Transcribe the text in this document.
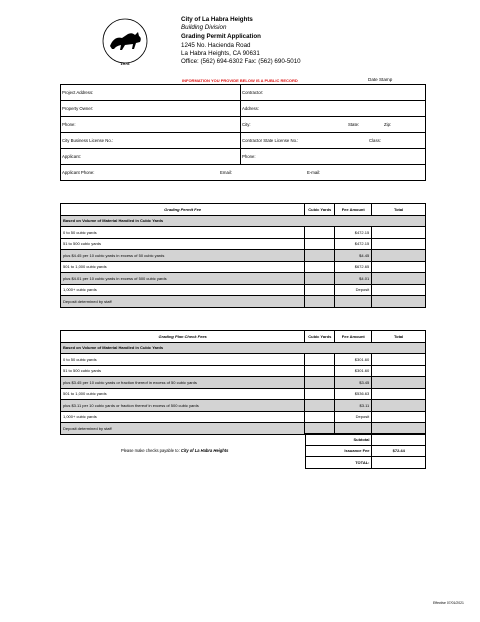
1978
City of La Habra Heights
Building Division
Grading Permit Application
1245 No. Hacienda Road
La Habra Heights, CA 90631
Office: (562) 694-6302 Fax: (562) 690-5010
INFORMATION YOU PROVIDE BELOW IS A PUBLIC RECORD	Date Stamp
Project Address:	Contractor:
Property Owner:	Address:
Phone:	City:	State:	Zip:
City Business License No.:	Contractor State License No.:	Class:
Applicant:	Phone:
Applicant Phone:	Email:	E-mail:
Grading Permit Fee	Cubic Yards	Fee Amount	Total
Based on Volume of Material Handled in Cubic Yards			
0 to 50 cubic yards		$472.15	
51 to 500 cubic yards		$472.15	
plus $4.45 per 10 cubic yards in excess of 50 cubic yards		$4.45	
501 to 1,000 cubic yards		$672.65	
plus $4.01 per 10 cubic yards in excess of 500 cubic yards		$4.01	
1,000+ cubic yards		Deposit	
Deposit determined by staff			
Grading Plan Check Fees	Cubic Yards	Fee Amount	Total
Based on Volume of Material Handled in Cubic Yards			
0 to 50 cubic yards		$301.60	
51 to 500 cubic yards		$301.60	
plus $3.45 per 10 cubic yards or fraction thereof in excess of 50 cubic yards		$3.45	
501 to 1,000 cubic yards		$536.63	
plus $3.11 per 10 cubic yards or fraction thereof in excess of 500 cubic yards		$3.11	
1,000+ cubic yards		Deposit	
Deposit determined by staff			
Subtotal	
Issuance Fee	$72.44
TOTAL:	
Please make checks payable to: City of La Habra Heights
Effective 07/01/2021
